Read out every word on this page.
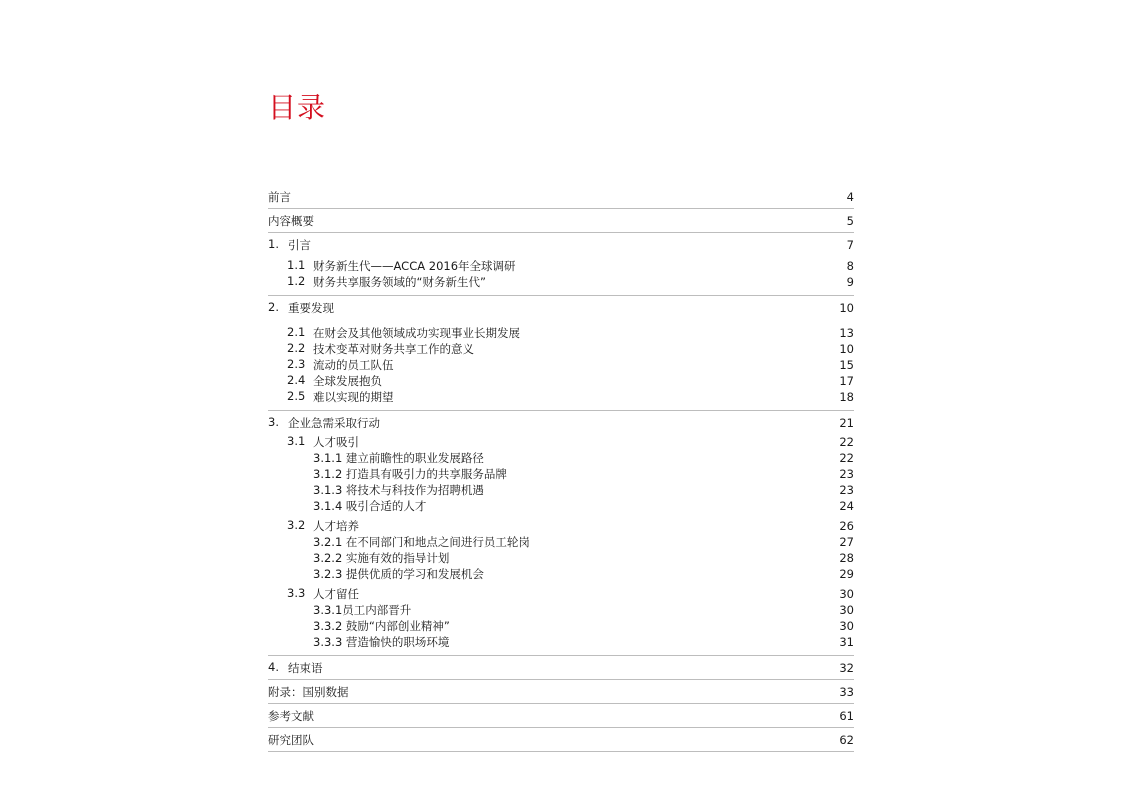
目录
前言	4
内容概要	5
1. 引言	7
1.1 财务新生代——ACCA 2016年全球调研	8
1.2 财务共享服务领域的“财务新生代”	9
2. 重要发现	10
2.1 在财会及其他领域成功实现事业长期发展	13
2.2 技术变革对财务共享工作的意义	10
2.3 流动的员工队伍	15
2.4 全球发展抱负	17
2.5 难以实现的期望	18
3. 企业急需采取行动	21
3.1 人才吸引	22
3.1.1 建立前瞻性的职业发展路径	22
3.1.2 打造具有吸引力的共享服务品牌	23
3.1.3 将技术与科技作为招聘机遇	23
3.1.4 吸引合适的人才	24
3.2 人才培养	26
3.2.1 在不同部门和地点之间进行员工轮岗	27
3.2.2 实施有效的指导计划	28
3.2.3 提供优质的学习和发展机会	29
3.3 人才留任	30
3.3.1员工内部晋升	30
3.3.2 鼓励“内部创业精神”	30
3.3.3 营造愉快的职场环境	31
4. 结束语	32
附录：国别数据	33
参考文献	61
研究团队	62
